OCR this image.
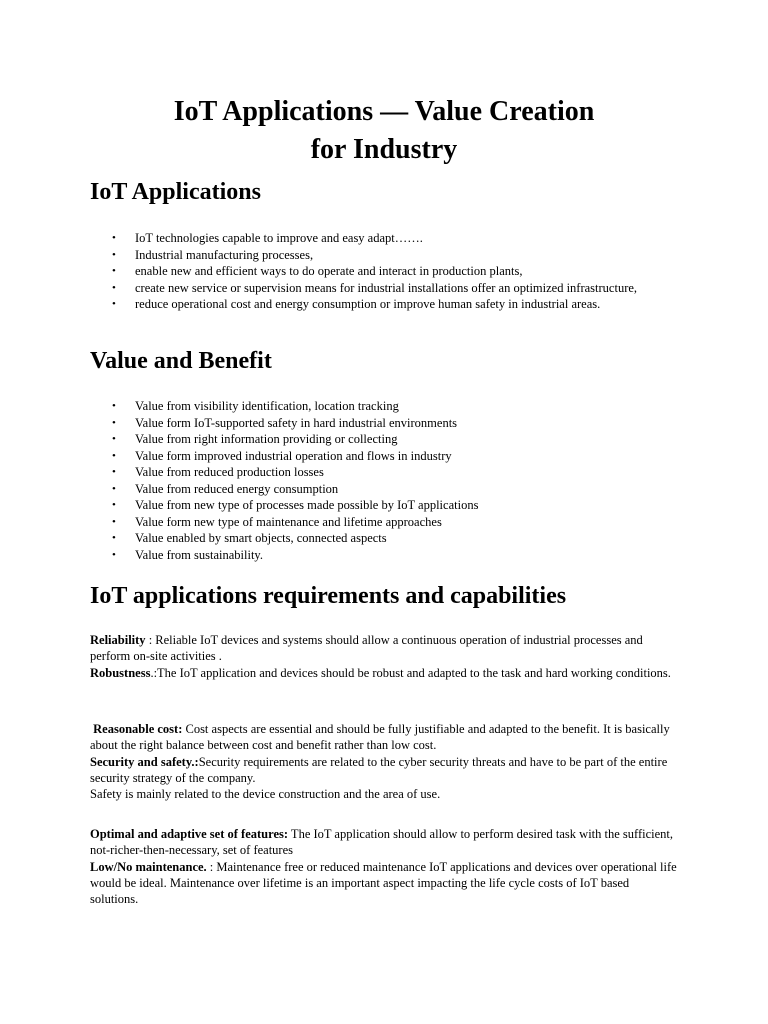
IoT Applications — Value Creation
for Industry
IoT Applications
• IoT technologies capable to improve and easy adapt…….
• Industrial manufacturing processes,
• enable new and efficient ways to do operate and interact in production plants,
• create new service or supervision means for industrial installations offer an optimized infrastructure,
• reduce operational cost and energy consumption or improve human safety in industrial areas.
Value and Benefit
• Value from visibility identification, location tracking
• Value form IoT-supported safety in hard industrial environments
• Value from right information providing or collecting
• Value form improved industrial operation and flows in industry
• Value from reduced production losses
• Value from reduced energy consumption
• Value from new type of processes made possible by IoT applications
• Value form new type of maintenance and lifetime approaches
• Value enabled by smart objects, connected aspects
• Value from sustainability.
IoT applications requirements and capabilities

Reliability : Reliable IoT devices and systems should allow a continuous operation of industrial processes and perform on-site activities .

Robustness.:The IoT application and devices should be robust and adapted to the task and hard working conditions.

Reasonable cost: Cost aspects are essential and should be fully justifiable and adapted to the benefit. It is basically about the right balance between cost and benefit rather than low cost.

Security and safety.:Security requirements are related to the cyber security threats and have to be part of the entire security strategy of the company.

Safety is mainly related to the device construction and the area of use.

Optimal and adaptive set of features: The IoT application should allow to perform desired task with the sufficient, not-richer-then-necessary, set of features

Low/No maintenance. : Maintenance free or reduced maintenance IoT applications and devices over operational life would be ideal. Maintenance over lifetime is an important aspect impacting the life cycle costs of IoT based solutions.
